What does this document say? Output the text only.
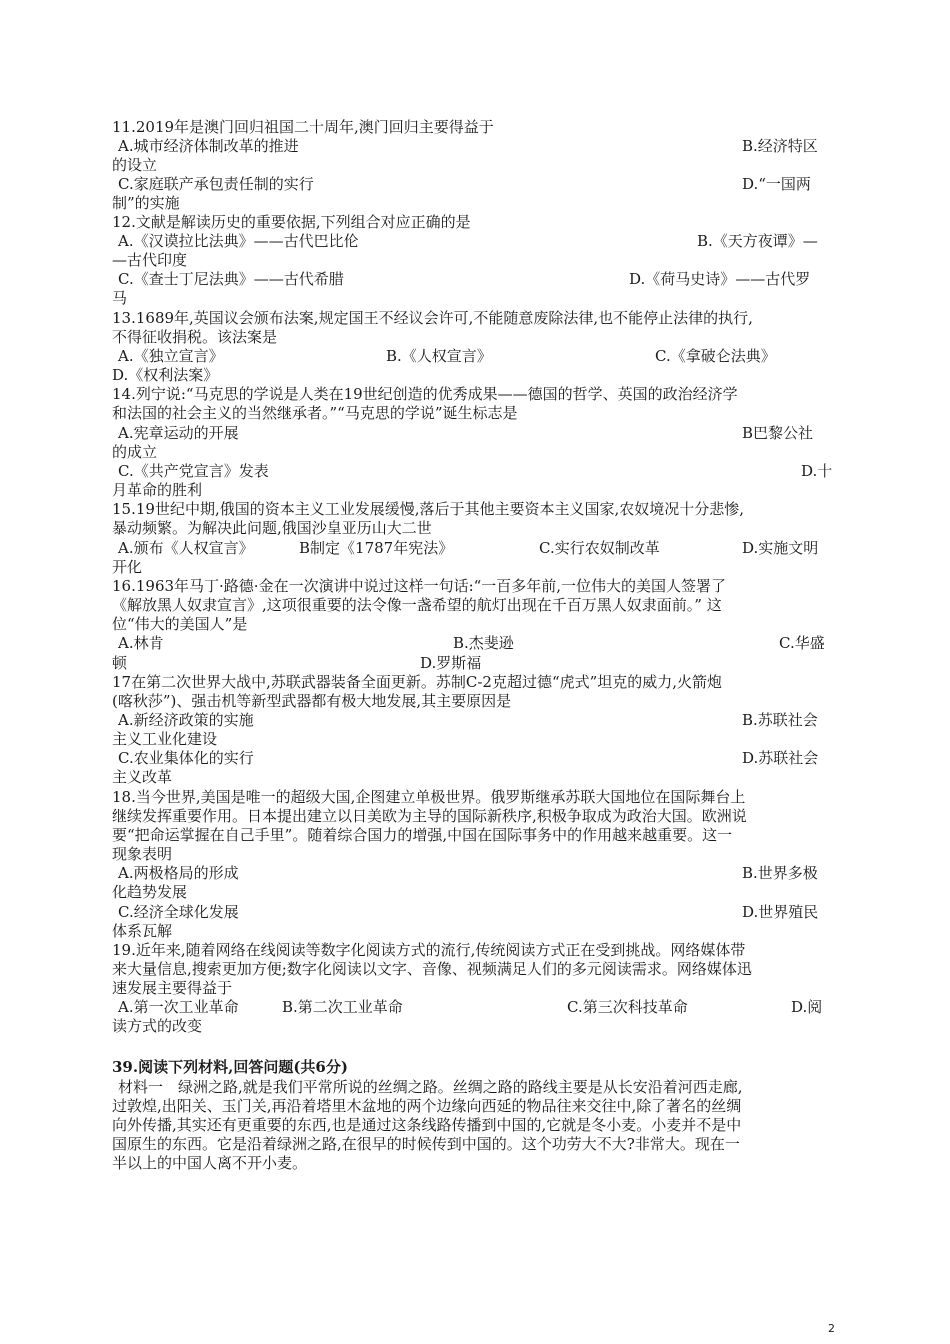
11.2019年是澳门回归祖国二十周年,澳门回归主要得益于
A.城市经济体制改革的推进	B.经济特区
的设立
C.家庭联产承包责任制的实行	D.“一国两
制”的实施
12.文献是解读历史的重要依据,下列组合对应正确的是
A.《汉谟拉比法典》——古代巴比伦	B.《天方夜谭》—
—古代印度
C.《查士丁尼法典》——古代希腊	D.《荷马史诗》——古代罗
马
13.1689年,英国议会颁布法案,规定国王不经议会许可,不能随意废除法律,也不能停止法律的执行,
不得征收捐税。该法案是
A.《独立宣言》	B.《人权宣言》	C.《拿破仑法典》
D.《权利法案》
14.列宁说:“马克思的学说是人类在19世纪创造的优秀成果——德国的哲学、英国的政治经济学
和法国的社会主义的当然继承者。”“马克思的学说”诞生标志是
A.宪章运动的开展	B巴黎公社
的成立
C.《共产党宣言》发表	D.十
月革命的胜利
15.19世纪中期,俄国的资本主义工业发展缓慢,落后于其他主要资本主义国家,农奴境况十分悲惨,
暴动频繁。为解决此问题,俄国沙皇亚历山大二世
A.颁布《人权宣言》	B制定《1787年宪法》	C.实行农奴制改革	D.实施文明
开化
16.1963年马丁·路德·金在一次演讲中说过这样一句话:“一百多年前,一位伟大的美国人签署了
《解放黑人奴隶宣言》,这项很重要的法令像一盏希望的航灯出现在千百万黑人奴隶面前。” 这
位“伟大的美国人”是
A.林肯	B.杰斐逊	C.华盛
顿	D.罗斯福
17在第二次世界大战中,苏联武器装备全面更新。苏制C-2克超过德“虎式”坦克的威力,火箭炮
(喀秋莎”)、强击机等新型武器都有极大地发展,其主要原因是
A.新经济政策的实施	B.苏联社会
主义工业化建设
C.农业集体化的实行	D.苏联社会
主义改革
18.当今世界,美国是唯一的超级大国,企图建立单极世界。俄罗斯继承苏联大国地位在国际舞台上
继续发挥重要作用。日本提出建立以日美欧为主导的国际新秩序,积极争取成为政治大国。欧洲说
要“把命运掌握在自己手里”。随着综合国力的增强,中国在国际事务中的作用越来越重要。这一
现象表明
A.两极格局的形成	B.世界多极
化趋势发展
C.经济全球化发展	D.世界殖民
体系瓦解
19.近年来,随着网络在线阅读等数字化阅读方式的流行,传统阅读方式正在受到挑战。网络媒体带
来大量信息,搜索更加方便;数字化阅读以文字、音像、视频满足人们的多元阅读需求。网络媒体迅
速发展主要得益于
A.第一次工业革命	B.第二次工业革命	C.第三次科技革命	D.阅
读方式的改变
39.阅读下列材料,回答问题(共6分)
材料一　绿洲之路,就是我们平常所说的丝绸之路。丝绸之路的路线主要是从长安沿着河西走廊,
过敦煌,出阳关、玉门关,再沿着塔里木盆地的两个边缘向西延的物品往来交往中,除了著名的丝绸
向外传播,其实还有更重要的东西,也是通过这条线路传播到中国的,它就是冬小麦。小麦并不是中
国原生的东西。它是沿着绿洲之路,在很早的时候传到中国的。这个功劳大不大?非常大。现在一
半以上的中国人离不开小麦。
2
